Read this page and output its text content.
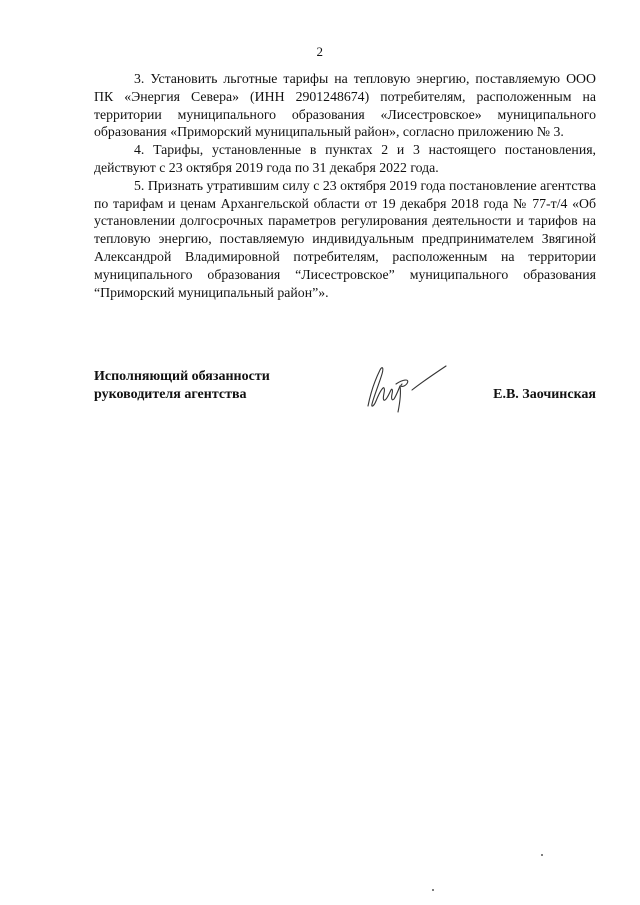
2

3. Установить льготные тарифы на тепловую энергию, поставляемую ООО ПК «Энергия Севера» (ИНН 2901248674) потребителям, расположенным на территории муниципального образования «Лисестровское» муниципального образования «Приморский муниципальный район», согласно приложению № 3.

4. Тарифы, установленные в пунктах 2 и 3 настоящего постановления, действуют с 23 октября 2019 года по 31 декабря 2022 года.

5. Признать утратившим силу с 23 октября 2019 года постановление агентства по тарифам и ценам Архангельской области от 19 декабря 2018 года № 77-т/4 «Об установлении долгосрочных параметров регулирования деятельности и тарифов на тепловую энергию, поставляемую индивидуальным предпринимателем Звягиной Александрой Владимировной потребителям, расположенным на территории муниципального образования “Лисестровское” муниципального образования “Приморский муниципальный район”».

Исполняющий обязанности
руководителя агентства	Е.В. Заочинская
